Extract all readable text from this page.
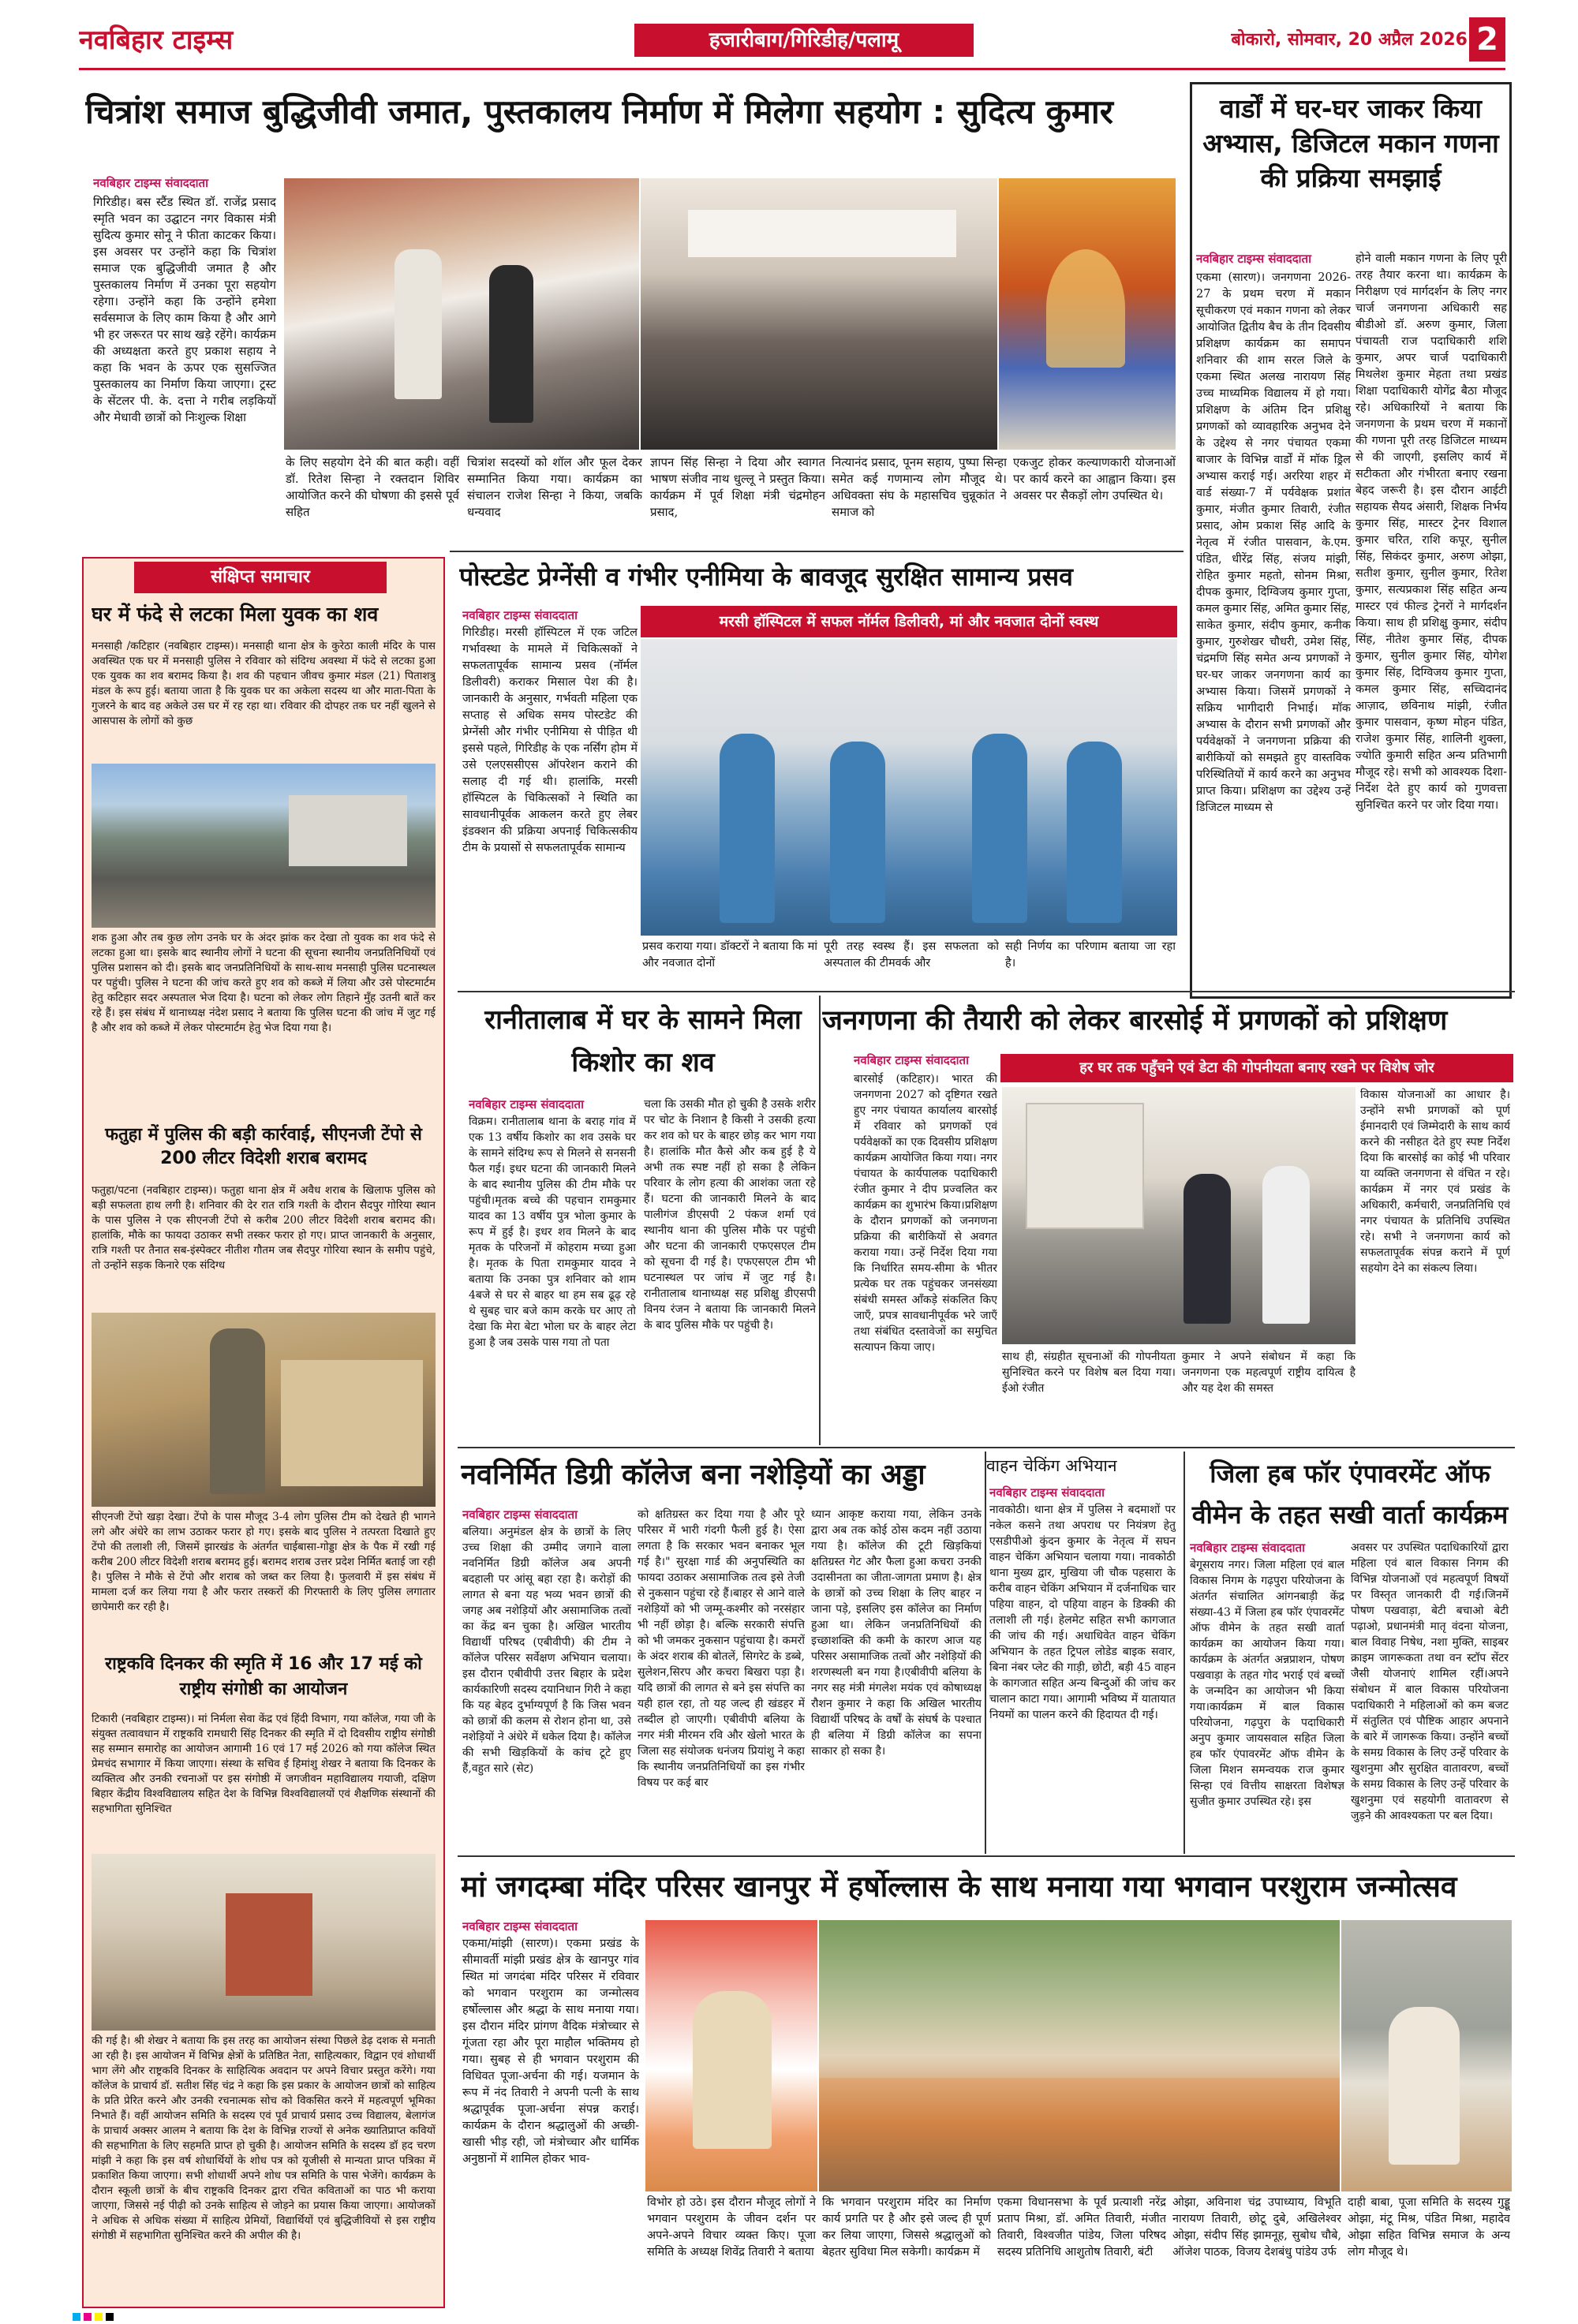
नवबिहार टाइम्स	हजारीबाग/गिरिडीह/पलामू	बोकारो, सोमवार, 20 अप्रैल 2026 2
चित्रांश समाज बुद्धिजीवी जमात, पुस्तकालय निर्माण में मिलेगा सहयोग : सुदित्य कुमार
नवबिहार टाइम्स संवाददाता
गिरिडीह। बस स्टैंड स्थित डॉ. राजेंद्र प्रसाद स्मृति भवन का उद्घाटन नगर विकास मंत्री सुदित्य कुमार सोनू ने फीता काटकर किया। इस अवसर पर उन्होंने कहा कि चित्रांश समाज एक बुद्धिजीवी जमात है और पुस्तकालय निर्माण में उनका पूरा सहयोग रहेगा। उन्होंने कहा कि उन्होंने हमेशा सर्वसमाज के लिए काम किया है और आगे भी हर जरूरत पर साथ खड़े रहेंगे। कार्यक्रम की अध्यक्षता करते हुए प्रकाश सहाय ने कहा कि भवन के ऊपर एक सुसज्जित पुस्तकालय का निर्माण किया जाएगा। ट्रस्ट के सेंटलर पी. के. दत्ता ने गरीब लड़कियों और मेधावी छात्रों को निःशुल्क शिक्षा
के लिए सहयोग देने की बात कही। वहीं डॉ. रितेश सिन्हा ने रक्तदान शिविर आयोजित करने की घोषणा की इससे पूर्व सहित
चित्रांश सदस्यों को शॉल और फूल देकर सम्मानित किया गया। कार्यक्रम का संचालन राजेश सिन्हा ने किया, जबकि धन्यवाद
ज्ञापन सिंह सिन्हा ने दिया और स्वागत भाषण संजीव नाथ धुल्लू ने प्रस्तुत किया। कार्यक्रम में पूर्व शिक्षा मंत्री चंद्रमोहन प्रसाद,
नित्यानंद प्रसाद, पूनम सहाय, पुष्पा सिन्हा समेत कई गणमान्य लोग मौजूद थे। अधिवक्ता संघ के महासचिव चुन्नूकांत ने समाज को
एकजुट होकर कल्याणकारी योजनाओं पर कार्य करने का आह्वान किया। इस अवसर पर सैकड़ों लोग उपस्थित थे।
वार्डों में घर-घर जाकर किया अभ्यास, डिजिटल मकान गणना की प्रक्रिया समझाई
नवबिहार टाइम्स संवाददाता
एकमा (सारण)। जनगणना 2026-27 के प्रथम चरण में मकान सूचीकरण एवं मकान गणना को लेकर आयोजित द्वितीय बैच के तीन दिवसीय प्रशिक्षण कार्यक्रम का समापन शनिवार की शाम सरल जिले के एकमा स्थित अलख नारायण सिंह उच्च माध्यमिक विद्यालय में हो गया। प्रशिक्षण के अंतिम दिन प्रशिक्षु प्रगणकों को व्यावहारिक अनुभव देने के उद्देश्य से नगर पंचायत एकमा बाजार के विभिन्न वार्डों में मॉक ड्रिल अभ्यास कराई गई। अररिया शहर में वार्ड संख्या-7 में पर्यवेक्षक प्रशांत कुमार, मंजीत कुमार तिवारी, रंजीत प्रसाद, ओम प्रकाश सिंह आदि के नेतृत्व में रंजीत पासवान, के.एम. पंडित, धीरेंद्र सिंह, संजय मांझी, रोहित कुमार महतो, सोनम मिश्रा, दीपक कुमार, दिग्विजय कुमार गुप्ता, कमल कुमार सिंह, अमित कुमार सिंह, साकेत कुमार, संदीप कुमार, कनीक कुमार, गुरुशेखर चौधरी, उमेश सिंह, चंद्रमणि सिंह समेत अन्य प्रगणकों ने घर-घर जाकर जनगणना कार्य का अभ्यास किया। जिसमें प्रगणकों ने सक्रिय भागीदारी निभाई। मॉक अभ्यास के दौरान सभी प्रगणकों और पर्यवेक्षकों ने जनगणना प्रक्रिया की बारीकियों को समझते हुए वास्तविक परिस्थितियों में कार्य करने का अनुभव प्राप्त किया। प्रशिक्षण का उद्देश्य उन्हें डिजिटल माध्यम से
होने वाली मकान गणना के लिए पूरी तरह तैयार करना था। कार्यक्रम के निरीक्षण एवं मार्गदर्शन के लिए नगर चार्ज जनगणना अधिकारी सह बीडीओ डॉ. अरुण कुमार, जिला पंचायती राज पदाधिकारी शशि कुमार, अपर चार्ज पदाधिकारी मिथलेश कुमार मेहता तथा प्रखंड शिक्षा पदाधिकारी योगेंद्र बैठा मौजूद रहे। अधिकारियों ने बताया कि जनगणना के प्रथम चरण में मकानों की गणना पूरी तरह डिजिटल माध्यम से की जाएगी, इसलिए कार्य में सटीकता और गंभीरता बनाए रखना बेहद जरूरी है। इस दौरान आईटी सहायक सैयद अंसारी, शिक्षक निर्भय कुमार सिंह, मास्टर ट्रेनर विशाल कुमार चरित, राशि कपूर, सुनील सिंह, सिकंदर कुमार, अरुण ओझा, सतीश कुमार, सुनील कुमार, रितेश कुमार, सत्यप्रकाश सिंह सहित अन्य मास्टर एवं फील्ड ट्रेनरों ने मार्गदर्शन किया। साथ ही प्रशिक्षु कुमार, संदीप सिंह, नीतेश कुमार सिंह, दीपक कुमार, सुनील कुमार सिंह, योगेश कुमार सिंह, दिग्विजय कुमार गुप्ता, कमल कुमार सिंह, सच्चिदानंद आज़ाद, छविनाथ मांझी, रंजीत कुमार पासवान, कृष्ण मोहन पंडित, राजेश कुमार सिंह, शालिनी शुक्ला, ज्योति कुमारी सहित अन्य प्रतिभागी मौजूद रहे। सभी को आवश्यक दिशा-निर्देश देते हुए कार्य को गुणवत्ता सुनिश्चित करने पर जोर दिया गया।
संक्षिप्त समाचार
घर में फंदे से लटका मिला युवक का शव
मनसाही /कटिहार (नवबिहार टाइम्स)। मनसाही थाना क्षेत्र के कुरेठा काली मंदिर के पास अवस्थित एक घर में मनसाही पुलिस ने रविवार को संदिग्ध अवस्था में फंदे से लटका हुआ एक युवक का शव बरामद किया है। शव की पहचान जीवच कुमार मंडल (21) पिताशत्रु मंडल के रूप हुई। बताया जाता है कि युवक घर का अकेला सदस्य था और माता-पिता के गुजरने के बाद वह अकेले उस घर में रह रहा था। रविवार की दोपहर तक घर नहीं खुलने से आसपास के लोगों को कुछ
शक हुआ और तब कुछ लोग उनके घर के अंदर झांक कर देखा तो युवक का शव फंदे से लटका हुआ था। इसके बाद स्थानीय लोगों ने घटना की सूचना स्थानीय जनप्रतिनिधियों एवं पुलिस प्रशासन को दी। इसके बाद जनप्रतिनिधियों के साथ-साथ मनसाही पुलिस घटनास्थल पर पहुंची। पुलिस ने घटना की जांच करते हुए शव को कब्जे में लिया और उसे पोस्टमार्टम हेतु कटिहार सदर अस्पताल भेज दिया है। घटना को लेकर लोग तिहाने मुँह उतनी बातें कर रहे हैं। इस संबंध में थानाध्यक्ष नंदेश प्रसाद ने बताया कि पुलिस घटना की जांच में जुट गई है और शव को कब्जे में लेकर पोस्टमार्टम हेतु भेज दिया गया है।
फतुहा में पुलिस की बड़ी कार्रवाई, सीएनजी टेंपो से 200 लीटर विदेशी शराब बरामद
फतुहा/पटना (नवबिहार टाइम्स)। फतुहा थाना क्षेत्र में अवैध शराब के खिलाफ पुलिस को बड़ी सफलता हाथ लगी है। शनिवार की देर रात रात्रि गश्ती के दौरान सैदपुर गोरिया स्थान के पास पुलिस ने एक सीएनजी टेंपो से करीब 200 लीटर विदेशी शराब बरामद की। हालांकि, मौके का फायदा उठाकर सभी तस्कर फरार हो गए। प्राप्त जानकारी के अनुसार, रात्रि गश्ती पर तैनात सब-इंस्पेक्टर नीतीश गौतम जब सैदपुर गोरिया स्थान के समीप पहुंचे, तो उन्होंने सड़क किनारे एक संदिग्ध
सीएनजी टेंपो खड़ा देखा। टेंपो के पास मौजूद 3-4 लोग पुलिस टीम को देखते ही भागने लगे और अंधेरे का लाभ उठाकर फरार हो गए। इसके बाद पुलिस ने तत्परता दिखाते हुए टेंपो की तलाशी ली, जिसमें झारखंड के अंतर्गत चाईबासा-गोड्डा क्षेत्र के पैक में रखी गई करीब 200 लीटर विदेशी शराब बरामद हुई। बरामद शराब उत्तर प्रदेश निर्मित बताई जा रही है। पुलिस ने मौके से टेंपो और शराब को जब्त कर लिया है। फुलवारी में इस संबंध में मामला दर्ज कर लिया गया है और फरार तस्करों की गिरफ्तारी के लिए पुलिस लगातार छापेमारी कर रही है।
राष्ट्रकवि दिनकर की स्मृति में 16 और 17 मई को राष्ट्रीय संगोष्ठी का आयोजन
टिकारी (नवबिहार टाइम्स)। मां निर्मला सेवा केंद्र एवं हिंदी विभाग, गया कॉलेज, गया जी के संयुक्त तत्वावधान में राष्ट्रकवि रामधारी सिंह दिनकर की स्मृति में दो दिवसीय राष्ट्रीय संगोष्ठी सह सम्मान समारोह का आयोजन आगामी 16 एवं 17 मई 2026 को गया कॉलेज स्थित प्रेमचंद सभागार में किया जाएगा। संस्था के सचिव ई हिमांशु शेखर ने बताया कि दिनकर के व्यक्तित्व और उनकी रचनाओं पर इस संगोष्ठी में जगजीवन महाविद्यालय गयाजी, दक्षिण बिहार केंद्रीय विश्वविद्यालय सहित देश के विभिन्न विश्वविद्यालयों एवं शैक्षणिक संस्थानों की सहभागिता सुनिश्चित
की गई है। श्री शेखर ने बताया कि इस तरह का आयोजन संस्था पिछले डेढ़ दशक से मनाती आ रही है। इस आयोजन में विभिन्न क्षेत्रों के प्रतिष्ठित नेता, साहित्यकार, विद्वान एवं शोधार्थी भाग लेंगे और राष्ट्रकवि दिनकर के साहित्यिक अवदान पर अपने विचार प्रस्तुत करेंगे। गया कॉलेज के प्राचार्य डॉ. सतीश सिंह चंद्र ने कहा कि इस प्रकार के आयोजन छात्रों को साहित्य के प्रति प्रेरित करने और उनकी रचनात्मक सोच को विकसित करने में महत्वपूर्ण भूमिका निभाते हैं। वहीं आयोजन समिति के सदस्य एवं पूर्व प्राचार्य प्रसाद उच्च विद्यालय, बेलागंज के प्राचार्य अक्सर आलम ने बताया कि देश के विभिन्न राज्यों से अनेक ख्यातिप्राप्त कवियों की सहभागिता के लिए सहमति प्राप्त हो चुकी है। आयोजन समिति के सदस्य डॉ हद चरण मांझी ने कहा कि इस वर्ष शोधार्थियों के शोध पत्र को यूजीसी से मान्यता प्राप्त पत्रिका में प्रकाशित किया जाएगा। सभी शोधार्थी अपने शोध पत्र समिति के पास भेजेंगे। कार्यक्रम के दौरान स्कूली छात्रों के बीच राष्ट्रकवि दिनकर द्वारा रचित कविताओं का पाठ भी कराया जाएगा, जिससे नई पीढ़ी को उनके साहित्य से जोड़ने का प्रयास किया जाएगा। आयोजकों ने अधिक से अधिक संख्या में साहित्य प्रेमियों, विद्यार्थियों एवं बुद्धिजीवियों से इस राष्ट्रीय संगोष्ठी में सहभागिता सुनिश्चित करने की अपील की है।
पोस्टडेट प्रेग्नेंसी व गंभीर एनीमिया के बावजूद सुरक्षित सामान्य प्रसव
नवबिहार टाइम्स संवाददाता
गिरिडीह। मरसी हॉस्पिटल में एक जटिल गर्भावस्था के मामले में चिकित्सकों ने सफलतापूर्वक सामान्य प्रसव (नॉर्मल डिलीवरी) कराकर मिसाल पेश की है। जानकारी के अनुसार, गर्भवती महिला एक सप्ताह से अधिक समय पोस्टडेट की प्रेग्नेंसी और गंभीर एनीमिया से पीड़ित थी इससे पहले, गिरिडीह के एक नर्सिंग होम में उसे एलएससीएस ऑपरेशन कराने की सलाह दी गई थी। हालांकि, मरसी हॉस्पिटल के चिकित्सकों ने स्थिति का सावधानीपूर्वक आकलन करते हुए लेबर इंडक्शन की प्रक्रिया अपनाई चिकित्सकीय टीम के प्रयासों से सफलतापूर्वक सामान्य
मरसी हॉस्पिटल में सफल नॉर्मल डिलीवरी, मां और नवजात दोनों स्वस्थ
प्रसव कराया गया। डॉक्टरों ने बताया कि मां और नवजात दोनों
पूरी तरह स्वस्थ हैं। इस सफलता को अस्पताल की टीमवर्क और
सही निर्णय का परिणाम बताया जा रहा है।
रानीतालाब में घर के सामने मिला किशोर का शव
नवबिहार टाइम्स संवाददाता
विक्रम। रानीतालाब थाना के बराह गांव में एक 13 वर्षीय किशोर का शव उसके घर के सामने संदिग्ध रूप से मिलने से सनसनी फैल गई। इधर घटना की जानकारी मिलने के बाद स्थानीय पुलिस की टीम मौके पर पहुंची।मृतक बच्चे की पहचान रामकुमार यादव का 13 वर्षीय पुत्र भोला कुमार के रूप में हुई है। इधर शव मिलने के बाद मृतक के परिजनों में कोहराम मच्या हुआ है। मृतक के पिता रामकुमार यादव ने बताया कि उनका पुत्र शनिवार को शाम 4बजे से घर से बाहर था हम सब ढूढ़ रहे थे सुबह चार बजे काम करके घर आए तो देखा कि मेरा बेटा भोला घर के बाहर लेटा हुआ है जब उसके पास गया तो पता
चला कि उसकी मौत हो चुकी है उसके शरीर पर चोट के निशान है किसी ने उसकी हत्या कर शव को घर के बाहर छोड़ कर भाग गया है। हालांकि मौत कैसे और कब हुई है ये अभी तक स्पष्ट नहीं हो सका है लेकिन परिवार के लोग हत्या की आशंका जता रहे हैं। घटना की जानकारी मिलने के बाद पालीगंज डीएसपी 2 पंकज शर्मा एवं स्थानीय थाना की पुलिस मौके पर पहुंची और घटना की जानकारी एफएसएल टीम को सूचना दी गई है। एफएसएल टीम भी घटनास्थल पर जांच में जुट गई है। रानीतालाब थानाध्यक्ष सह प्रशिक्षु डीएसपी विनय रंजन ने बताया कि जानकारी मिलने के बाद पुलिस मौके पर पहुंची है।
जनगणना की तैयारी को लेकर बारसोई में प्रगणकों को प्रशिक्षण
नवबिहार टाइम्स संवाददाता	हर घर तक पहुँचने एवं डेटा की गोपनीयता बनाए रखने पर विशेष जोर
बारसोई (कटिहार)। भारत की जनगणना 2027 को दृष्टिगत रखते हुए नगर पंचायत कार्यालय बारसोई में रविवार को प्रगणकों एवं पर्यवेक्षकों का एक दिवसीय प्रशिक्षण कार्यक्रम आयोजित किया गया। नगर पंचायत के कार्यपालक पदाधिकारी रंजीत कुमार ने दीप प्रज्वलित कर कार्यक्रम का शुभारंभ किया।प्रशिक्षण के दौरान प्रगणकों को जनगणना प्रक्रिया की बारीकियों से अवगत कराया गया। उन्हें निर्देश दिया गया कि निर्धारित समय-सीमा के भीतर प्रत्येक घर तक पहुंचकर जनसंख्या संबंधी समस्त आँकड़े संकलित किए जाएँ, प्रपत्र सावधानीपूर्वक भरे जाएँ तथा संबंधित दस्तावेजों का समुचित सत्यापन किया जाए।
विकास योजनाओं का आधार है। उन्होंने सभी प्रगणकों को पूर्ण ईमानदारी एवं जिम्मेदारी के साथ कार्य करने की नसीहत देते हुए स्पष्ट निर्देश दिया कि बारसोई का कोई भी परिवार या व्यक्ति जनगणना से वंचित न रहे।कार्यक्रम में नगर एवं प्रखंड के अधिकारी, कर्मचारी, जनप्रतिनिधि एवं नगर पंचायत के प्रतिनिधि उपस्थित रहे। सभी ने जनगणना कार्य को सफलतापूर्वक संपन्न कराने में पूर्ण सहयोग देने का संकल्प लिया।
साथ ही, संग्रहीत सूचनाओं की गोपनीयता सुनिश्चित करने पर विशेष बल दिया गया।ईओ रंजीत
कुमार ने अपने संबोधन में कहा कि जनगणना एक महत्वपूर्ण राष्ट्रीय दायित्व है और यह देश की समस्त
नवनिर्मित डिग्री कॉलेज बना नशेड़ियों का अड्डा
नवबिहार टाइम्स संवाददाता
बलिया। अनुमंडल क्षेत्र के छात्रों के लिए उच्च शिक्षा की उम्मीद जगाने वाला नवनिर्मित डिग्री कॉलेज अब अपनी बदहाली पर आंसू बहा रहा है। करोड़ों की लागत से बना यह भव्य भवन छात्रों की जगह अब नशेड़ियों और असामाजिक तत्वों का केंद्र बन चुका है। अखिल भारतीय विद्यार्थी परिषद (एबीवीपी) की टीम ने कॉलेज परिसर सर्वेक्षण अभियान चलाया। इस दौरान एबीवीपी उत्तर बिहार के प्रदेश कार्यकारिणी सदस्य दयानिधान गिरी ने कहा कि यह बेहद दुर्भाग्यपूर्ण है कि जिस भवन को छात्रों की कलम से रोशन होना था, उसे नशेड़ियों ने अंधेरे में धकेल दिया है। कॉलेज की सभी खिड़कियों के कांच टूटे हुए हैं,वहुत सारे (सेट)
को क्षतिग्रस्त कर दिया गया है और पूरे परिसर में भारी गंदगी फैली हुई है। ऐसा लगता है कि सरकार भवन बनाकर भूल गई है।" सुरक्षा गार्ड की अनुपस्थिति का फायदा उठाकर असामाजिक तत्व इसे तेजी से नुकसान पहुंचा रहे हैं।बाहर से आने वाले नशेड़ियों को भी जम्मू-कश्मीर को नरसंहार भी नहीं छोड़ा है। बल्कि सरकारी संपत्ति को भी जमकर नुकसान पहुंचाया है। कमरों के अंदर शराब की बोतलें, सिगरेट के डब्बे, सुलेशन,सिरप और कचरा बिखरा पड़ा है। यदि छात्रों की लागत से बने इस संपत्ति का यही हाल रहा, तो यह जल्द ही खंडहर में तब्दील हो जाएगी। एबीवीपी बलिया के नगर मंत्री मीरमन रवि और खेलो भारत के जिला सह संयोजक धनंजय प्रियांशु ने कहा कि स्थानीय जनप्रतिनिधियों का इस गंभीर विषय पर कई बार
ध्यान आकृष्ट कराया गया, लेकिन उनके द्वारा अब तक कोई ठोस कदम नहीं उठाया गया है। कॉलेज की टूटी खिड़कियां क्षतिग्रस्त गेट और फैला हुआ कचरा उनकी उदासीनता का जीता-जागता प्रमाण है। क्षेत्र के छात्रों को उच्च शिक्षा के लिए बाहर न जाना पड़े, इसलिए इस कॉलेज का निर्माण हुआ था। लेकिन जनप्रतिनिधियों की इच्छाशक्ति की कमी के कारण आज यह परिसर असामाजिक तत्वों और नशेड़ियों की शरणस्थली बन गया है।एबीवीपी बलिया के नगर सह मंत्री मंगलेश मयंक एवं कोषाध्यक्ष रौशन कुमार ने कहा कि अखिल भारतीय विद्यार्थी परिषद के वर्षों के संघर्ष के पश्चात ही बलिया में डिग्री कॉलेज का सपना साकार हो सका है।
वाहन चेकिंग अभियान
नवबिहार टाइम्स संवाददाता
नावकोठी। थाना क्षेत्र में पुलिस ने बदमाशों पर नकेल कसने तथा अपराध पर नियंत्रण हेतु एसडीपीओ कुंदन कुमार के नेतृत्व में सघन वाहन चेकिंग अभियान चलाया गया। नावकोठी थाना मुख्य द्वार, मुखिया जी चौक पहसारा के करीब वाहन चेकिंग अभियान में दर्जनाधिक चार पहिया वाहन, दो पहिया वाहन के डिक्की की तलाशी ली गई। हेलमेट सहित सभी कागजात की जांच की गई। अधाधिवेत वाहन चेकिंग अभियान के तहत ट्रिपल लोडेड बाइक सवार, बिना नंबर प्लेट की गाड़ी, छोटी, बड़ी 45 वाहन के कागजात सहित अन्य बिन्दुओं की जांच कर चालान काटा गया। आगामी भविष्य में यातायात नियमों का पालन करने की हिदायत दी गई।
जिला हब फॉर एंपावरमेंट ऑफ वीमेन के तहत सखी वार्ता कार्यक्रम
नवबिहार टाइम्स संवाददाता
बेगूसराय नगर। जिला महिला एवं बाल विकास निगम के गढ़पुरा परियोजना के अंतर्गत संचालित आंगनबाड़ी केंद्र संख्या-43 में जिला हब फॉर एंपावरमेंट ऑफ वीमेन के तहत सखी वार्ता कार्यक्रम का आयोजन किया गया। कार्यक्रम के अंतर्गत अन्नप्राशन, पोषण पखवाड़ा के तहत गोद भराई एवं बच्चों के जन्मदिन का आयोजन भी किया गया।कार्यक्रम में बाल विकास परियोजना, गढ़पुरा के पदाधिकारी अनुप कुमार जायसवाल सहित जिला हब फॉर एंपावरमेंट ऑफ वीमेन के जिला मिशन समन्वयक राज कुमार सिन्हा एवं वित्तीय साक्षरता विशेषज्ञ सुजीत कुमार उपस्थित रहे। इस
अवसर पर उपस्थित पदाधिकारियों द्वारा महिला एवं बाल विकास निगम की विभिन्न योजनाओं एवं महत्वपूर्ण विषयों पर विस्तृत जानकारी दी गई।जिनमें पोषण पखवाड़ा, बेटी बचाओ बेटी पढ़ाओ, प्रधानमंत्री मातृ वंदना योजना, बाल विवाह निषेध, नशा मुक्ति, साइबर क्राइम जागरूकता तथा वन स्टॉप सेंटर जैसी योजनाएं शामिल रहीं।अपने संबोधन में बाल विकास परियोजना पदाधिकारी ने महिलाओं को कम बजट में संतुलित एवं पौष्टिक आहार अपनाने के बारे में जागरूक किया। उन्होंने बच्चों के समग्र विकास के लिए उन्हें परिवार के खुशनुमा और सुरक्षित वातावरण, बच्चों के समग्र विकास के लिए उन्हें परिवार के खुशनुमा एवं सहयोगी वातावरण से जुड़ने की आवश्यकता पर बल दिया।
मां जगदम्बा मंदिर परिसर खानपुर में हर्षोल्लास के साथ मनाया गया भगवान परशुराम जन्मोत्सव
नवबिहार टाइम्स संवाददाता
एकमा/मांझी (सारण)। एकमा प्रखंड के सीमावर्ती मांझी प्रखंड क्षेत्र के खानपुर गांव स्थित मां जगदंबा मंदिर परिसर में रविवार को भगवान परशुराम का जन्मोत्सव हर्षोल्लास और श्रद्धा के साथ मनाया गया। इस दौरान मंदिर प्रांगण वैदिक मंत्रोच्चार से गूंजता रहा और पूरा माहौल भक्तिमय हो गया। सुबह से ही भगवान परशुराम की विधिवत पूजा-अर्चना की गई। यजमान के रूप में नंद तिवारी ने अपनी पत्नी के साथ श्रद्धापूर्वक पूजा-अर्चना संपन्न कराई। कार्यक्रम के दौरान श्रद्धालुओं की अच्छी-खासी भीड़ रही, जो मंत्रोच्चार और धार्मिक अनुष्ठानों में शामिल होकर भाव-
विभोर हो उठे। इस दौरान मौजूद लोगों ने भगवान परशुराम के जीवन दर्शन पर अपने-अपने विचार व्यक्त किए। पूजा समिति के अध्यक्ष शिवेंद्र तिवारी ने बताया
कि भगवान परशुराम मंदिर का निर्माण कार्य प्रगति पर है और इसे जल्द ही पूर्ण कर लिया जाएगा, जिससे श्रद्धालुओं को बेहतर सुविधा मिल सकेगी। कार्यक्रम में
एकमा विधानसभा के पूर्व प्रत्याशी नरेंद्र प्रताप मिश्रा, डॉ. अमित तिवारी, मंजीत तिवारी, विश्वजीत पांडेय, जिला परिषद सदस्य प्रतिनिधि आशुतोष तिवारी, बंटी
ओझा, अविनाश चंद्र उपाध्याय, विभूति नारायण तिवारी, छोटू दुबे, अखिलेश्वर ओझा, संदीप सिंह झामनूह, सुबोध चौबे, ऑजेश पाठक, विजय देशबंधु पांडेय उर्फ
दाही बाबा, पूजा समिति के सदस्य गुड्डू ओझा, मंटू मिश्र, पंडित मिश्रा, महादेव ओझा सहित विभिन्न समाज के अन्य लोग मौजूद थे।
